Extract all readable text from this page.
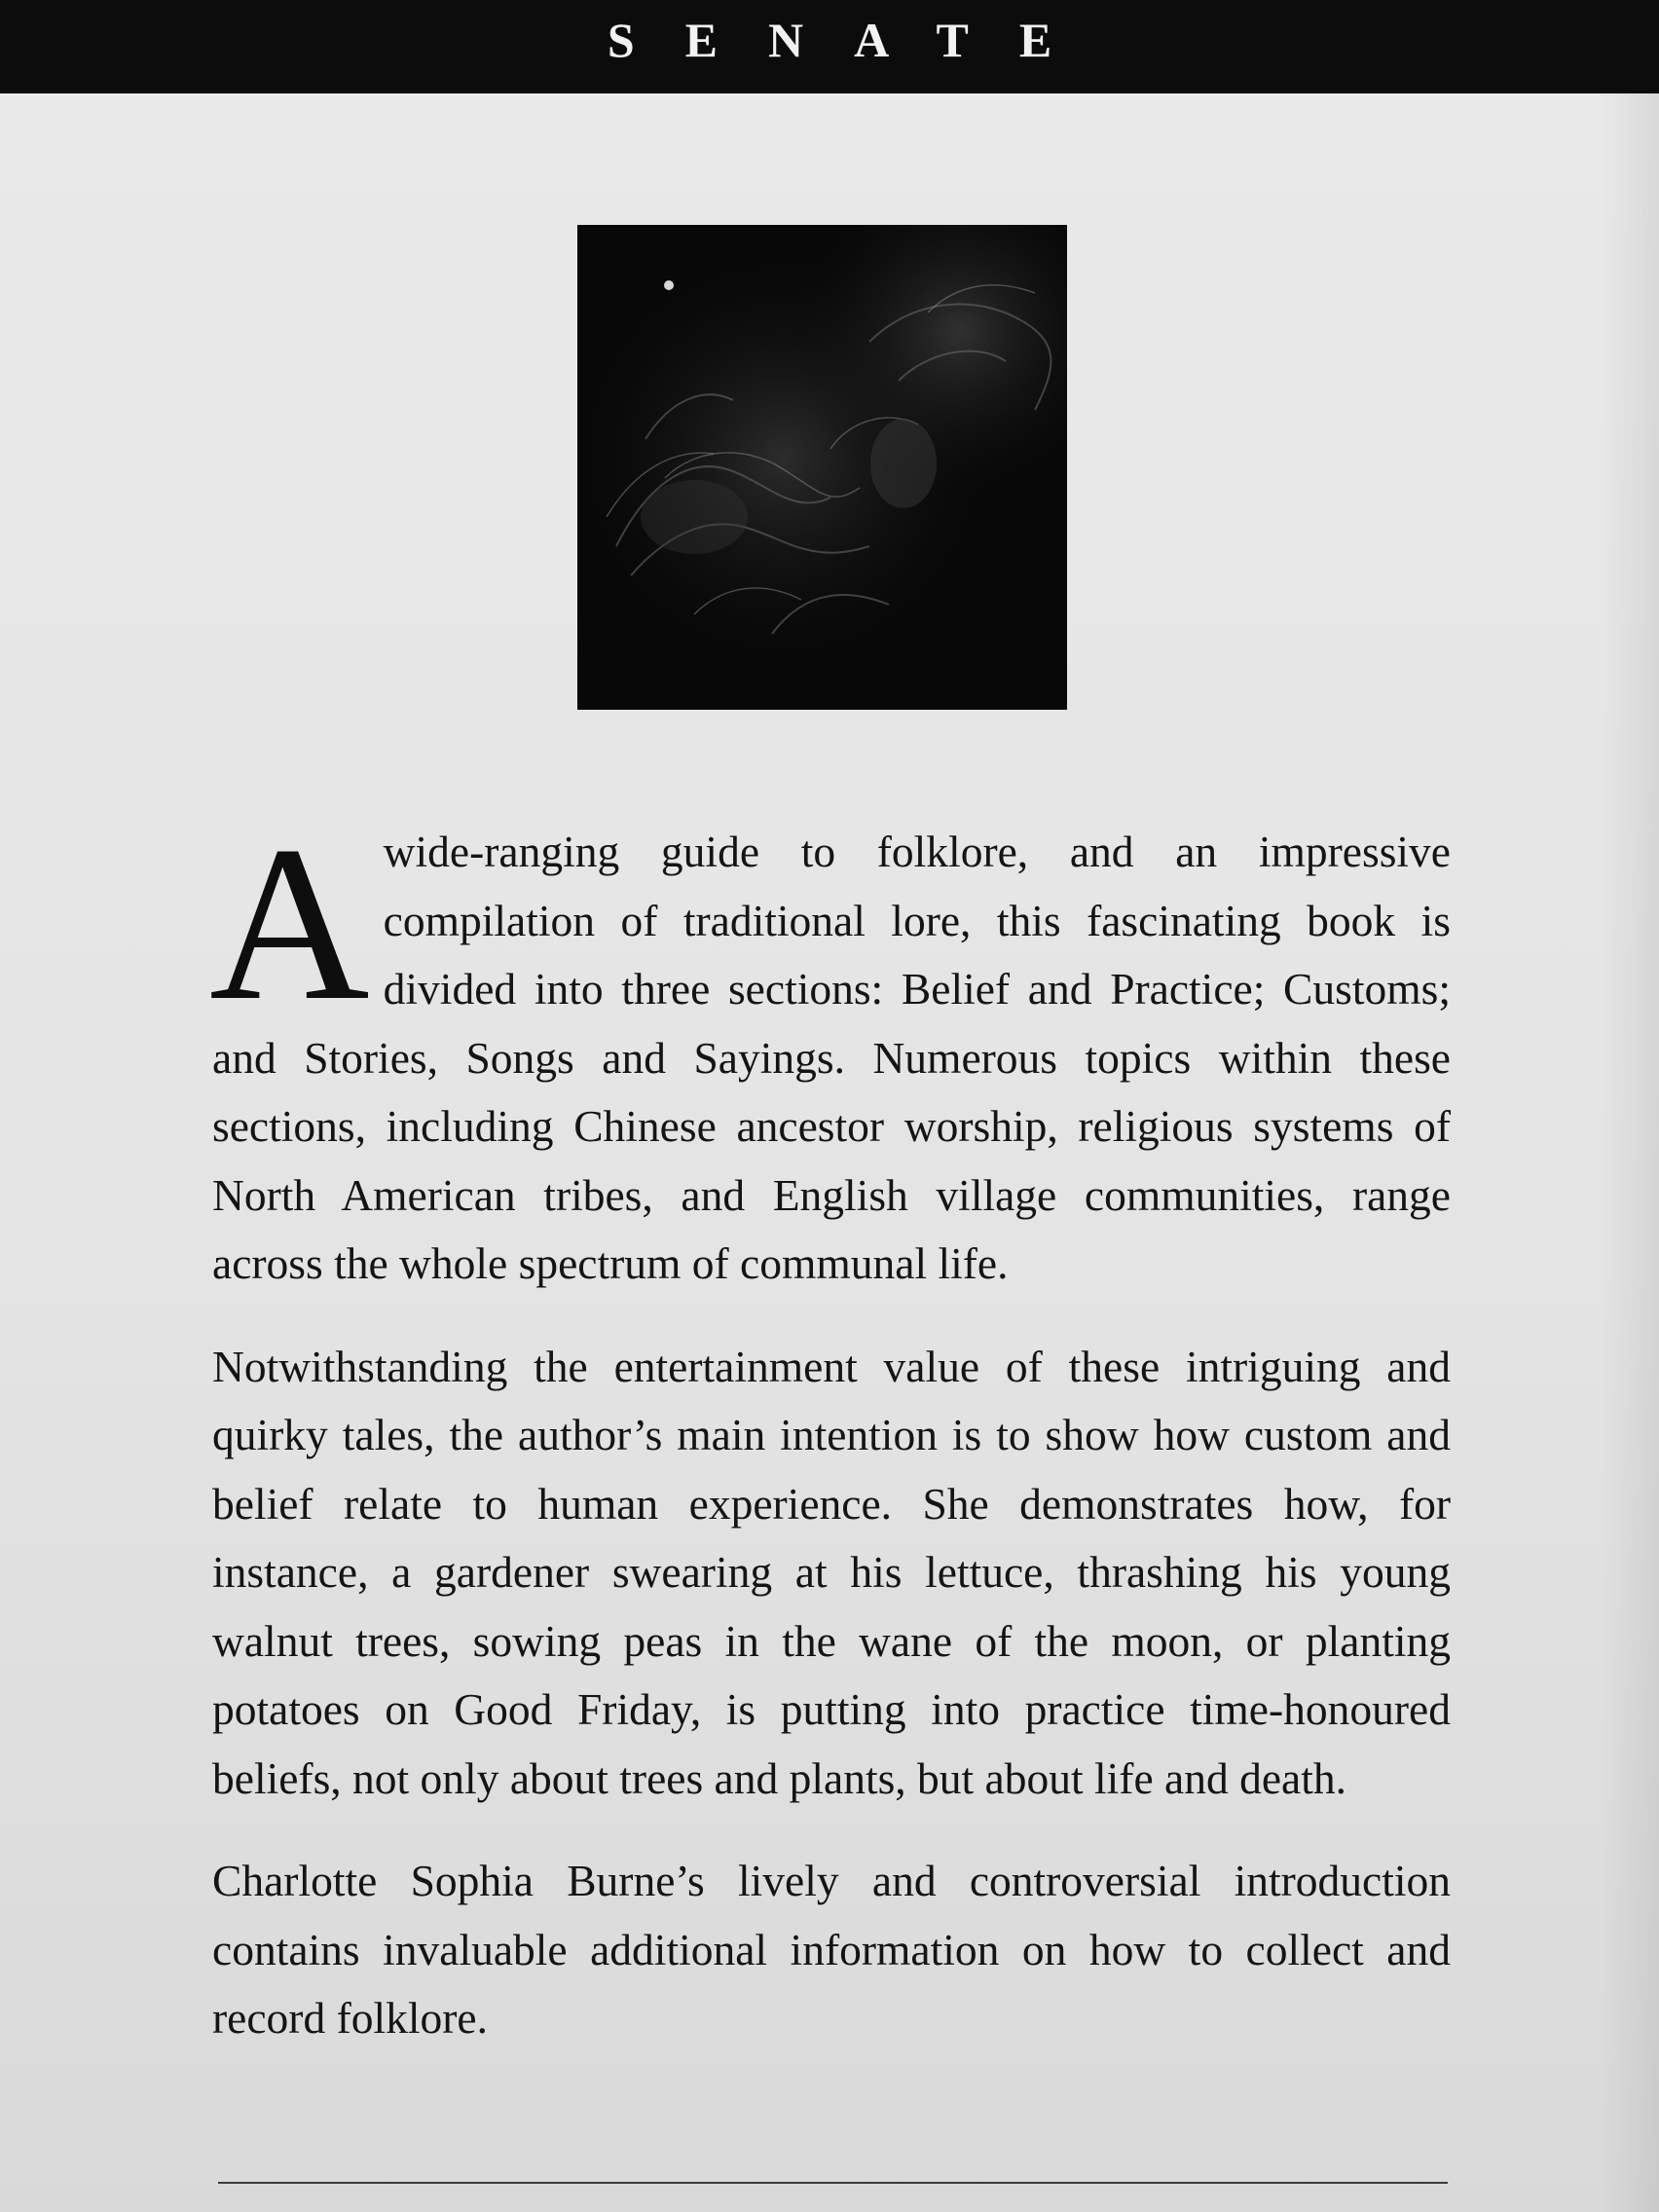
SENATE

Awide-ranging guide to folklore, and an impressive compilation of traditional lore, this fascinating book is divided into three sections: Belief and Practice; Customs; and Stories, Songs and Sayings. Numerous topics within these sections, including Chinese ancestor worship, religious systems of North American tribes, and English village communities, range across the whole spectrum of communal life.

Notwithstanding the entertainment value of these intriguing and quirky tales, the author’s main intention is to show how custom and belief relate to human experience. She demonstrates how, for instance, a gardener swearing at his lettuce, thrashing his young walnut trees, sowing peas in the wane of the moon, or planting potatoes on Good Friday, is putting into practice time-honoured beliefs, not only about trees and plants, but about life and death.

Charlotte Sophia Burne’s lively and controversial introduction contains invaluable additional information on how to collect and record folklore.
